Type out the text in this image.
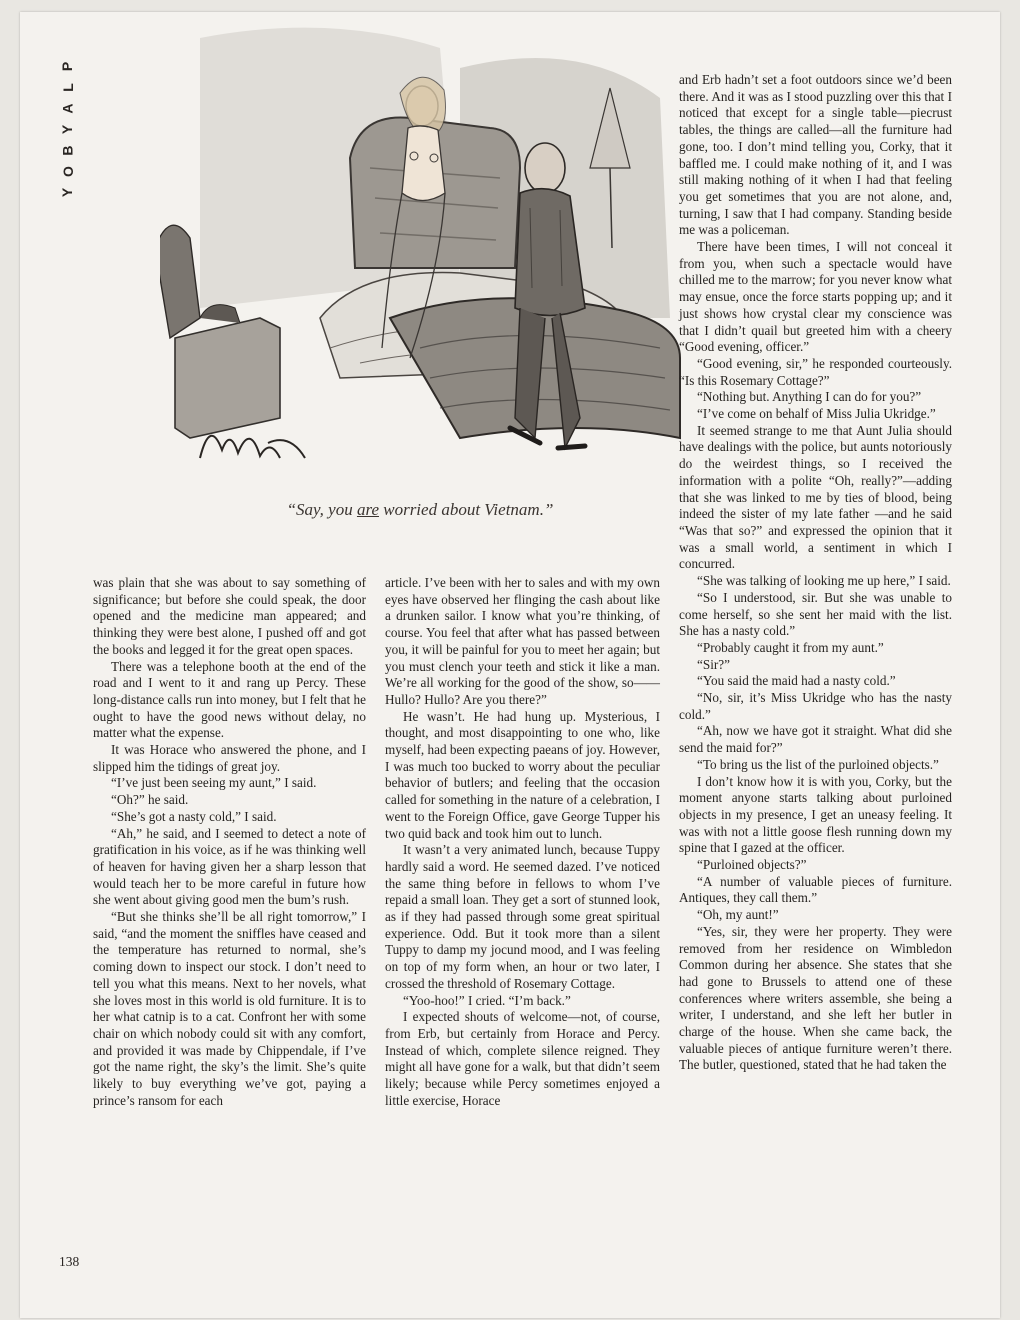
P
L
A
Y
B
O
Y
“Say, you are worried about Vietnam.”

was plain that she was about to say something of significance; but before she could speak, the door opened and the medicine man appeared; and thinking they were best alone, I pushed off and got the books and legged it for the great open spaces.

There was a telephone booth at the end of the road and I went to it and rang up Percy. These long-distance calls run into money, but I felt that he ought to have the good news without delay, no matter what the expense.

It was Horace who answered the phone, and I slipped him the tidings of great joy.

“I’ve just been seeing my aunt,” I said.

“Oh?” he said.

“She’s got a nasty cold,” I said.

“Ah,” he said, and I seemed to detect a note of gratification in his voice, as if he was thinking well of heaven for having given her a sharp lesson that would teach her to be more careful in future how she went about giving good men the bum’s rush.

“But she thinks she’ll be all right tomorrow,” I said, “and the moment the sniffles have ceased and the temperature has returned to normal, she’s coming down to inspect our stock. I don’t need to tell you what this means. Next to her novels, what she loves most in this world is old furniture. It is to her what catnip is to a cat. Confront her with some chair on which nobody could sit with any comfort, and provided it was made by Chippendale, if I’ve got the name right, the sky’s the limit. She’s quite likely to buy everything we’ve got, paying a prince’s ransom for each

article. I’ve been with her to sales and with my own eyes have observed her flinging the cash about like a drunken sailor. I know what you’re thinking, of course. You feel that after what has passed between you, it will be painful for you to meet her again; but you must clench your teeth and stick it like a man. We’re all working for the good of the show, so—— Hullo? Hullo? Are you there?”

He wasn’t. He had hung up. Mysterious, I thought, and most disappointing to one who, like myself, had been expecting paeans of joy. However, I was much too bucked to worry about the peculiar behavior of butlers; and feeling that the occasion called for something in the nature of a celebration, I went to the Foreign Office, gave George Tupper his two quid back and took him out to lunch.

It wasn’t a very animated lunch, because Tuppy hardly said a word. He seemed dazed. I’ve noticed the same thing before in fellows to whom I’ve repaid a small loan. They get a sort of stunned look, as if they had passed through some great spiritual experience. Odd. But it took more than a silent Tuppy to damp my jocund mood, and I was feeling on top of my form when, an hour or two later, I crossed the threshold of Rosemary Cottage.

“Yoo-hoo!” I cried. “I’m back.”

I expected shouts of welcome—not, of course, from Erb, but certainly from Horace and Percy. Instead of which, complete silence reigned. They might all have gone for a walk, but that didn’t seem likely; because while Percy sometimes enjoyed a little exercise, Horace

and Erb hadn’t set a foot outdoors since we’d been there. And it was as I stood puzzling over this that I noticed that except for a single table—piecrust tables, the things are called—all the furniture had gone, too. I don’t mind telling you, Corky, that it baffled me. I could make nothing of it, and I was still making nothing of it when I had that feeling you get sometimes that you are not alone, and, turning, I saw that I had company. Standing beside me was a policeman.

There have been times, I will not conceal it from you, when such a spectacle would have chilled me to the marrow; for you never know what may ensue, once the force starts popping up; and it just shows how crystal clear my conscience was that I didn’t quail but greeted him with a cheery “Good evening, officer.”

“Good evening, sir,” he responded courteously. “Is this Rosemary Cottage?”

“Nothing but. Anything I can do for you?”

“I’ve come on behalf of Miss Julia Ukridge.”

It seemed strange to me that Aunt Julia should have dealings with the police, but aunts notoriously do the weirdest things, so I received the information with a polite “Oh, really?”—adding that she was linked to me by ties of blood, being indeed the sister of my late father —and he said “Was that so?” and expressed the opinion that it was a small world, a sentiment in which I concurred.

“She was talking of looking me up here,” I said.

“So I understood, sir. But she was unable to come herself, so she sent her maid with the list. She has a nasty cold.”

“Probably caught it from my aunt.”

“Sir?”

“You said the maid had a nasty cold.”

“No, sir, it’s Miss Ukridge who has the nasty cold.”

“Ah, now we have got it straight. What did she send the maid for?”

“To bring us the list of the purloined objects.”

I don’t know how it is with you, Corky, but the moment anyone starts talking about purloined objects in my presence, I get an uneasy feeling. It was with not a little goose flesh running down my spine that I gazed at the officer.

“Purloined objects?”

“A number of valuable pieces of furniture. Antiques, they call them.”

“Oh, my aunt!”

“Yes, sir, they were her property. They were removed from her residence on Wimbledon Common during her absence. She states that she had gone to Brussels to attend one of these conferences where writers assemble, she being a writer, I understand, and she left her butler in charge of the house. When she came back, the valuable pieces of antique furniture weren’t there. The butler, questioned, stated that he had taken the

138
